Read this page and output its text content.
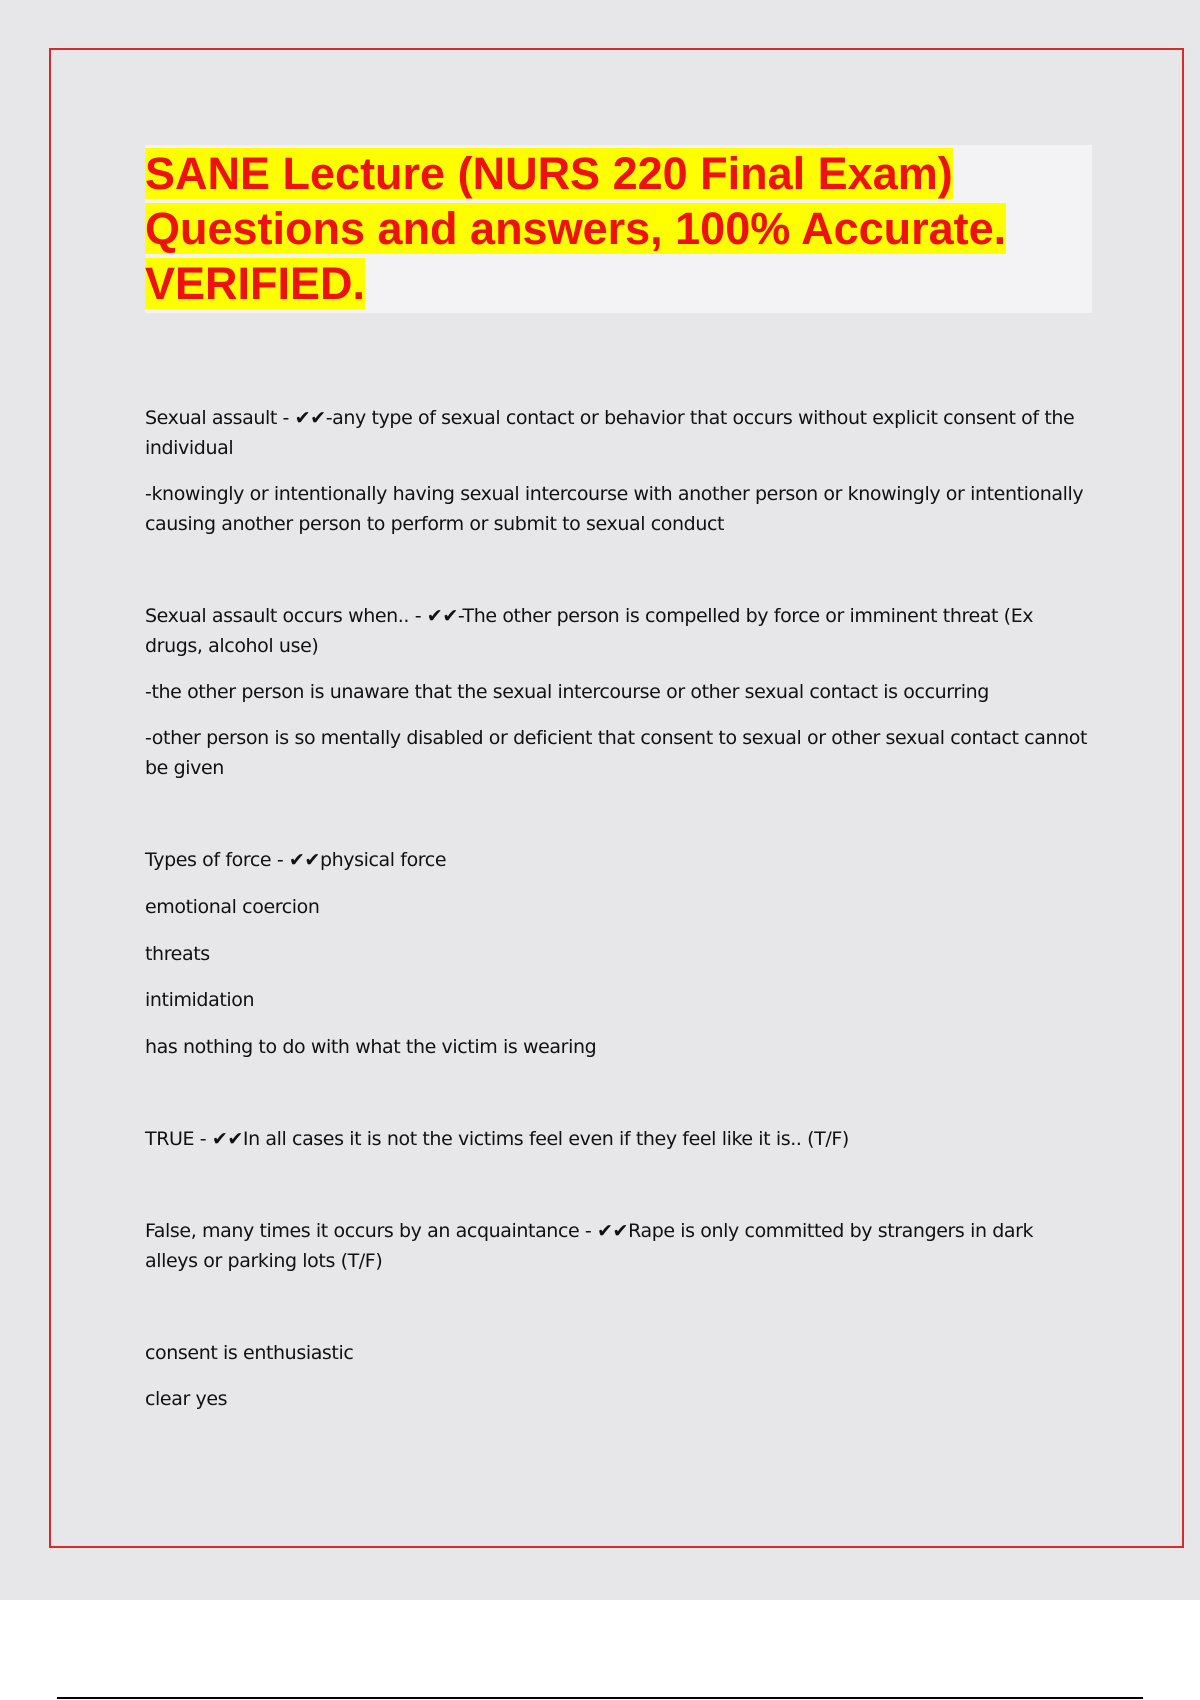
SANE Lecture (NURS 220 Final Exam) Questions and answers, 100% Accurate. VERIFIED.

Sexual assault - ✔✔-any type of sexual contact or behavior that occurs without explicit consent of the individual

-knowingly or intentionally having sexual intercourse with another person or knowingly or intentionally causing another person to perform or submit to sexual conduct

Sexual assault occurs when.. - ✔✔-The other person is compelled by force or imminent threat (Ex drugs, alcohol use)

-the other person is unaware that the sexual intercourse or other sexual contact is occurring

-other person is so mentally disabled or deficient that consent to sexual or other sexual contact cannot be given

Types of force - ✔✔physical force

emotional coercion

threats

intimidation

has nothing to do with what the victim is wearing

TRUE - ✔✔In all cases it is not the victims feel even if they feel like it is.. (T/F)

False, many times it occurs by an acquaintance - ✔✔Rape is only committed by strangers in dark alleys or parking lots (T/F)

consent is enthusiastic

clear yes
